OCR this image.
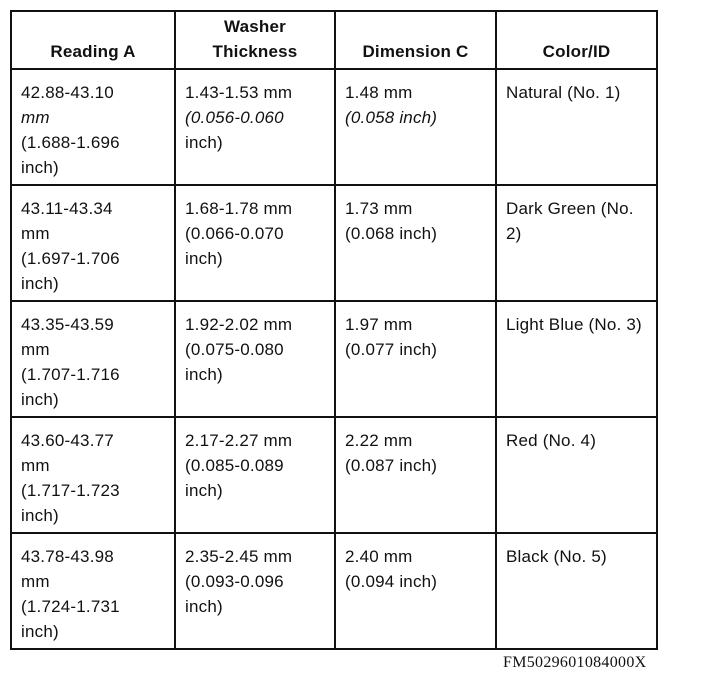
Reading A	Washer
Thickness	Dimension C	Color/ID

42.88-43.10
mm
(1.688-1.696
inch)	1.43-1.53 mm
(0.056-0.060
inch)	1.48 mm
(0.058 inch)	Natural (No. 1)

43.11-43.34
mm
(1.697-1.706
inch)	1.68-1.78 mm
(0.066-0.070
inch)	1.73 mm
(0.068 inch)	Dark Green (No. 2)

43.35-43.59
mm
(1.707-1.716
inch)	1.92-2.02 mm
(0.075-0.080
inch)	1.97 mm
(0.077 inch)	Light Blue (No. 3)

43.60-43.77
mm
(1.717-1.723
inch)	2.17-2.27 mm
(0.085-0.089
inch)	2.22 mm
(0.087 inch)	Red (No. 4)

43.78-43.98
mm
(1.724-1.731
inch)	2.35-2.45 mm
(0.093-0.096
inch)	2.40 mm
(0.094 inch)	Black (No. 5)
FM5029601084000X
